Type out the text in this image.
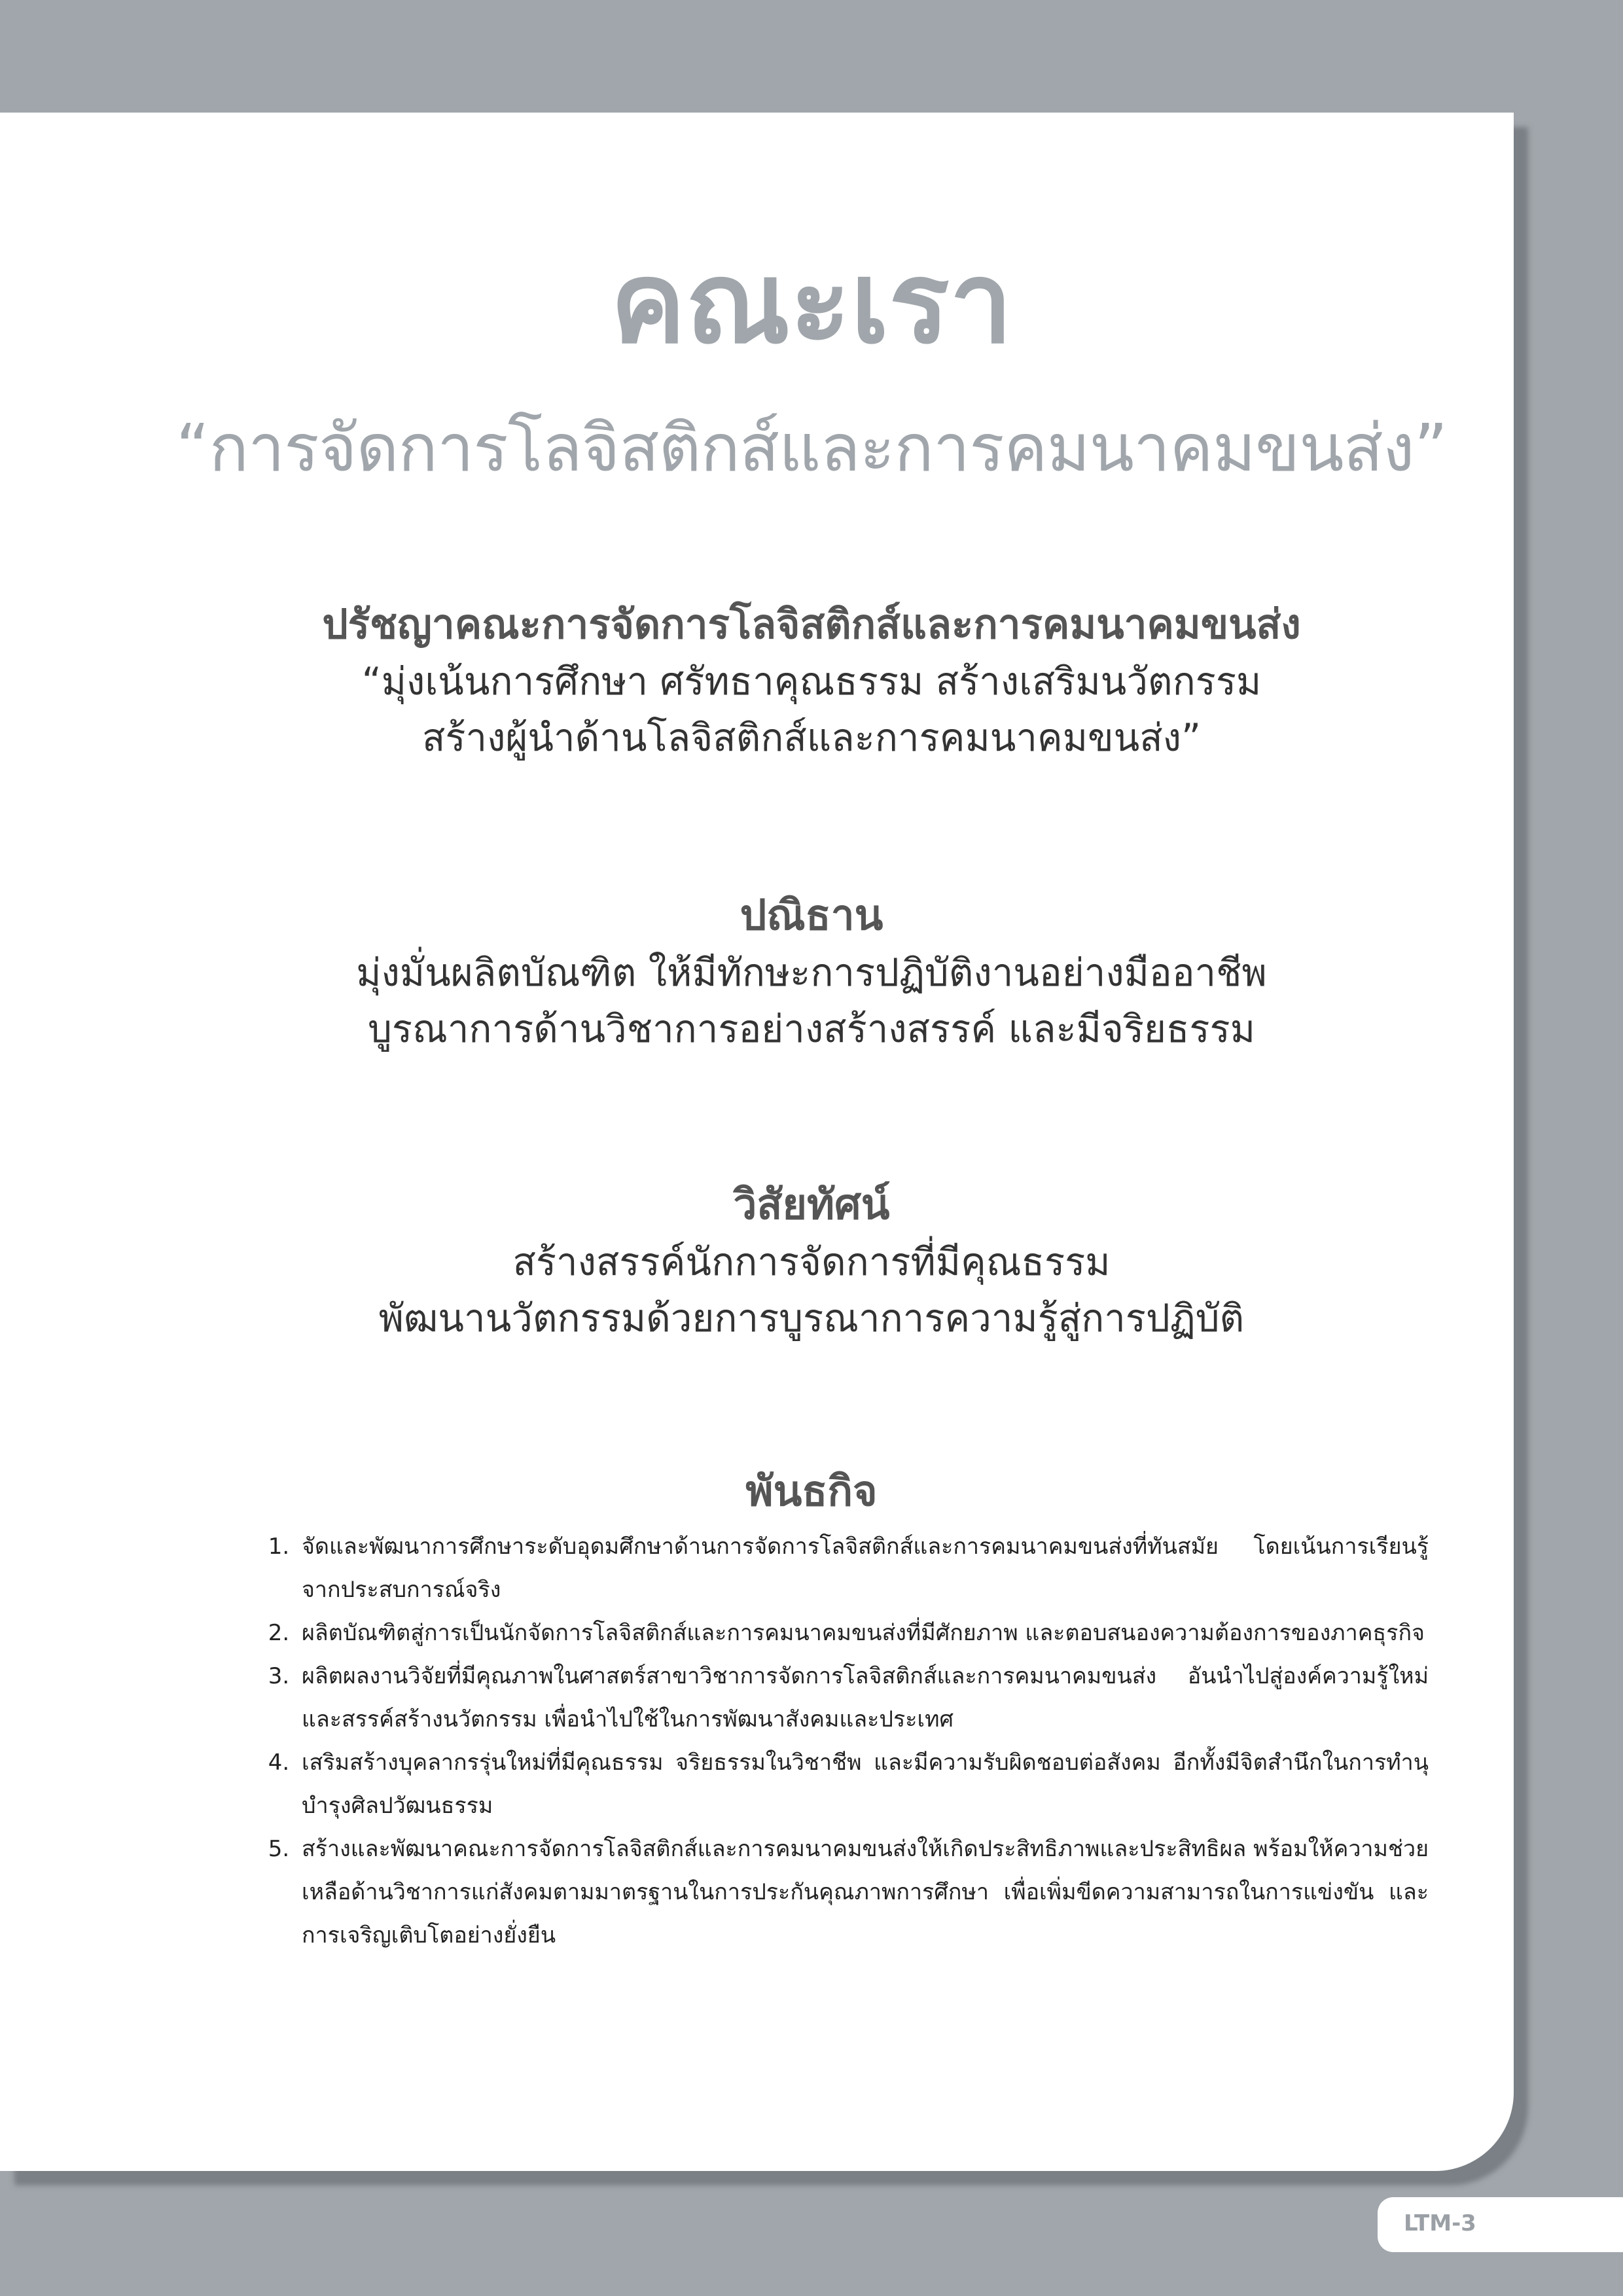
คณะเรา
“การจัดการโลจิสติกส์และการคมนาคมขนส่ง”
ปรัชญาคณะการจัดการโลจิสติกส์และการคมนาคมขนส่ง
“มุ่งเน้นการศึกษา ศรัทธาคุณธรรม สร้างเสริมนวัตกรรม
สร้างผู้นำด้านโลจิสติกส์และการคมนาคมขนส่ง”
ปณิธาน
มุ่งมั่นผลิตบัณฑิต ให้มีทักษะการปฏิบัติงานอย่างมืออาชีพ
บูรณาการด้านวิชาการอย่างสร้างสรรค์ และมีจริยธรรม
วิสัยทัศน์
สร้างสรรค์นักการจัดการที่มีคุณธรรม
พัฒนานวัตกรรมด้วยการบูรณาการความรู้สู่การปฏิบัติ
พันธกิจ
1. จัดและพัฒนาการศึกษาระดับอุดมศึกษาด้านการจัดการโลจิสติกส์และการคมนาคมขนส่งที่ทันสมัย โดยเน้นการเรียนรู้จากประสบการณ์จริง
2. ผลิตบัณฑิตสู่การเป็นนักจัดการโลจิสติกส์และการคมนาคมขนส่งที่มีศักยภาพ และตอบสนองความต้องการของภาคธุรกิจ
3. ผลิตผลงานวิจัยที่มีคุณภาพในศาสตร์สาขาวิชาการจัดการโลจิสติกส์และการคมนาคมขนส่ง อันนำไปสู่องค์ความรู้ใหม่และสรรค์สร้างนวัตกรรม เพื่อนำไปใช้ในการพัฒนาสังคมและประเทศ
4. เสริมสร้างบุคลากรรุ่นใหม่ที่มีคุณธรรม จริยธรรมในวิชาชีพ และมีความรับผิดชอบต่อสังคม อีกทั้งมีจิตสำนึกในการทำนุบำรุงศิลปวัฒนธรรม
5. สร้างและพัฒนาคณะการจัดการโลจิสติกส์และการคมนาคมขนส่งให้เกิดประสิทธิภาพและประสิทธิผล พร้อมให้ความช่วยเหลือด้านวิชาการแก่สังคมตามมาตรฐานในการประกันคุณภาพการศึกษา เพื่อเพิ่มขีดความสามารถในการแข่งขัน และการเจริญเติบโตอย่างยั่งยืน
LTM-3
